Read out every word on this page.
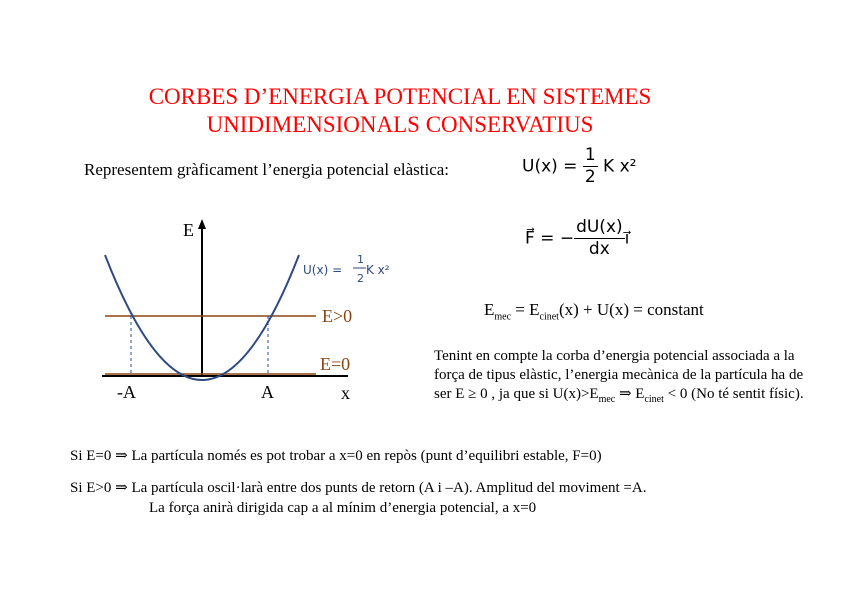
CORBES D’ENERGIA POTENCIAL EN SISTEMES
UNIDIMENSIONALS CONSERVATIUS
Representem gràficament l’energia potencial elàstica:	$U(x) = \frac{1}{2}$ K x²
F⃗ = − $\frac{dU(x)}{dx}$ ı⃗
$E_{mec} = E_{cinet}(x) + U(x)$ = constant
E
x
-A	A
E>0
E=0
U(x) =
1
2
K x²
Tenint en compte la corba d’energia potencial associada a la força de tipus elàstic, l’energia mecànica de la partícula ha de ser E ≥ 0 , ja que si $U(x)>E_{mec}$ ⇒ $E_{cinet} < 0$ (No té sentit físic).
Si E=0 ⇒ La partícula només es pot trobar a x=0 en repòs (punt d’equilibri estable, F=0)
Si E>0 ⇒ La partícula oscil·larà entre dos punts de retorn (A i –A). Amplitud del moviment =A.
La força anirà dirigida cap a al mínim d’energia potencial, a x=0
